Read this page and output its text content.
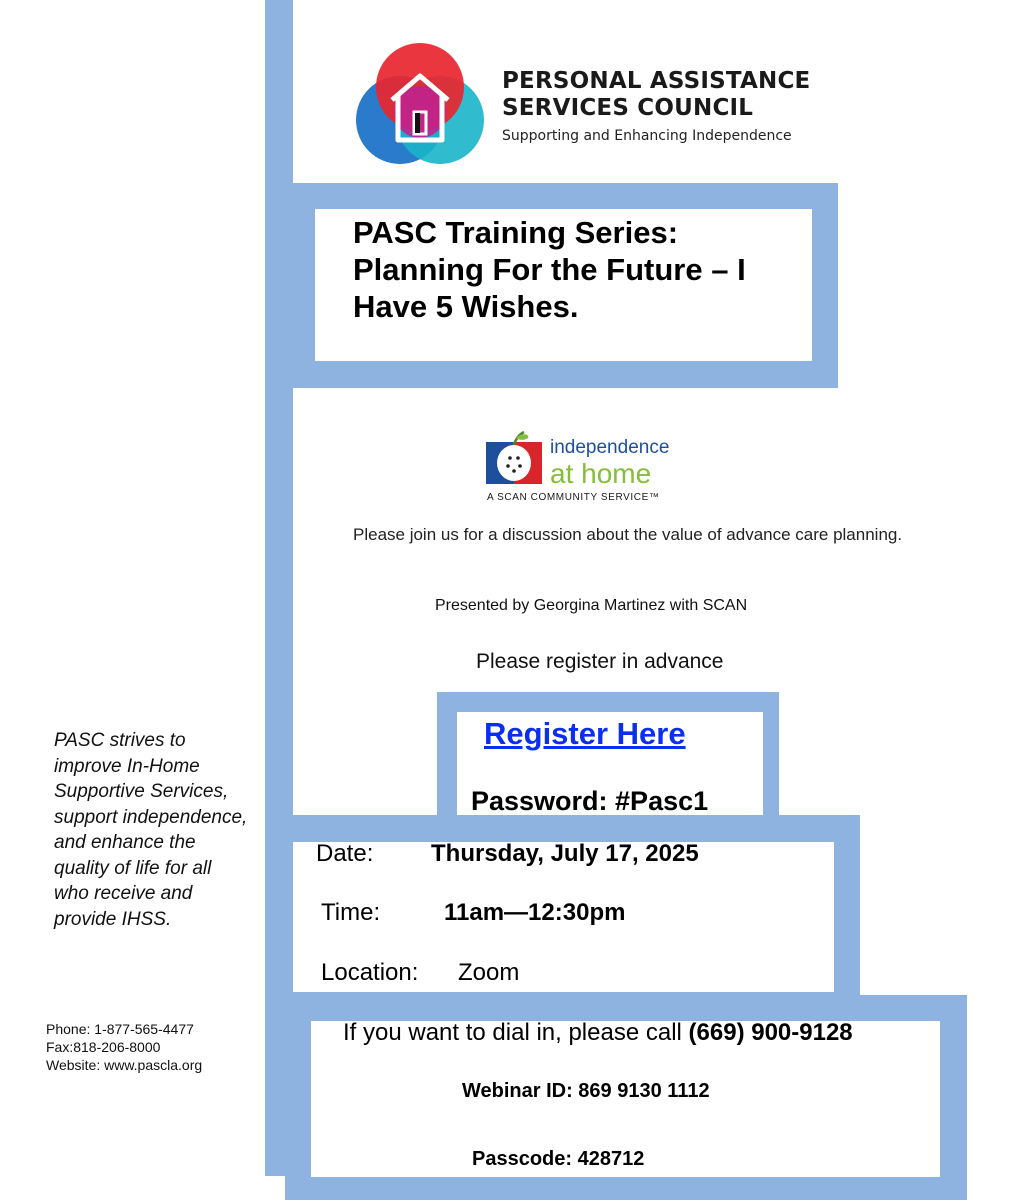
PERSONAL ASSISTANCE
SERVICES COUNCIL
Supporting and Enhancing Independence
PASC Training Series:
Planning For the Future – I
Have 5 Wishes.
independence
at home
A SCAN COMMUNITY SERVICE™
Please join us for a discussion about the value of advance care planning.
Presented by Georgina Martinez with SCAN
Please register in advance
Register Here
Password: #Pasc1
Date: Thursday, July 17, 2025
Time:	11am—12:30pm
Location: Zoom
If you want to dial in, please call (669) 900-9128
Webinar ID: 869 9130 1112
Passcode: 428712
PASC strives to
improve In-Home
Supportive Services,
support independence,
and enhance the
quality of life for all
who receive and
provide IHSS.
Phone: 1-877-565-4477
Fax:818-206-8000
Website: www.pascla.org
